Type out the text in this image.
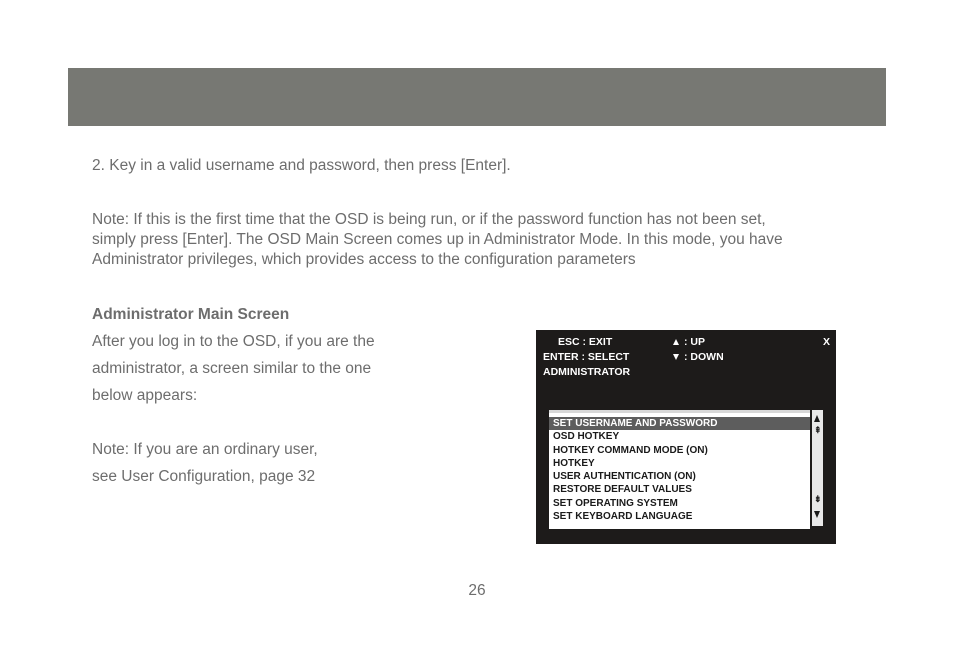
2. Key in a valid username and password, then press [Enter].
Note: If this is the first time that the OSD is being run, or if the password function has not been set,
simply press [Enter]. The OSD Main Screen comes up in Administrator Mode. In this mode, you have
Administrator privileges, which provides access to the configuration parameters
Administrator Main Screen
After you log in to the OSD, if you are the
administrator, a screen similar to the one
below appears:
Note: If you are an ordinary user,
see User Configuration, page 32
ESC : EXIT
ENTER : SELECT
ADMINISTRATOR
: UP
: DOWN
X
SET USERNAME AND PASSWORD
OSD HOTKEY
HOTKEY COMMAND MODE (ON)
HOTKEY
USER AUTHENTICATION (ON)
RESTORE DEFAULT VALUES
SET OPERATING SYSTEM
SET KEYBOARD LANGUAGE
⇞
⇟
26
